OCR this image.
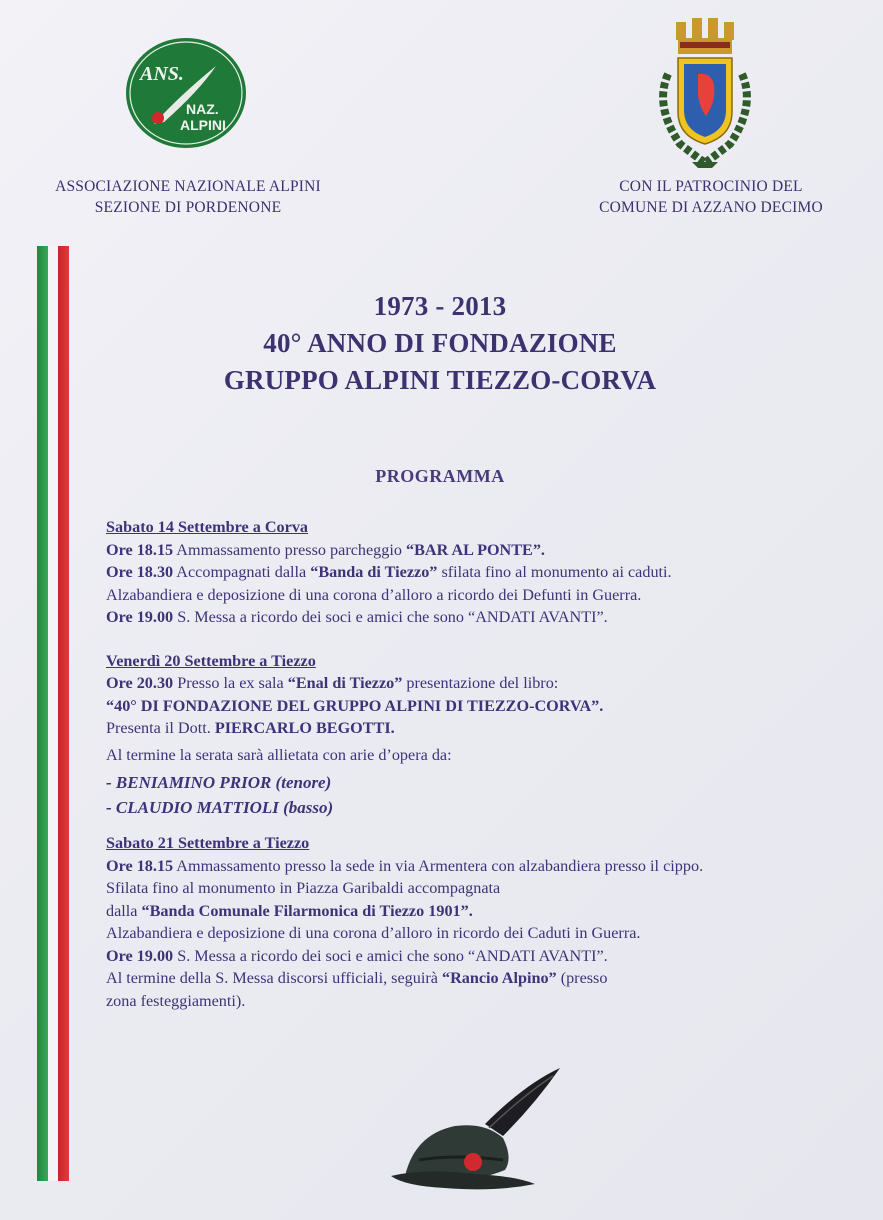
ANS.
NAZ.
ALPINI
ASSOCIAZIONE NAZIONALE ALPINI
SEZIONE DI PORDENONE
CON IL PATROCINIO DEL
COMUNE DI AZZANO DECIMO
1973 - 2013
40° ANNO DI FONDAZIONE
GRUPPO ALPINI TIEZZO-CORVA
PROGRAMMA

Sabato 14 Settembre a Corva

Ore 18.15 Ammassamento presso parcheggio “BAR AL PONTE”.

Ore 18.30 Accompagnati dalla “Banda di Tiezzo” sfilata fino al monumento ai caduti.

Alzabandiera e deposizione di una corona d’alloro a ricordo dei Defunti in Guerra.

Ore 19.00 S. Messa a ricordo dei soci e amici che sono “ANDATI AVANTI”.

Venerdì 20 Settembre a Tiezzo

Ore 20.30 Presso la ex sala “Enal di Tiezzo” presentazione del libro:

“40° DI FONDAZIONE DEL GRUPPO ALPINI DI TIEZZO-CORVA”.

Presenta il Dott. PIERCARLO BEGOTTI.

Al termine la serata sarà allietata con arie d’opera da:

- BENIAMINO PRIOR (tenore)

- CLAUDIO MATTIOLI (basso)

Sabato 21 Settembre a Tiezzo

Ore 18.15 Ammassamento presso la sede in via Armentera con alzabandiera presso il cippo.

Sfilata fino al monumento in Piazza Garibaldi accompagnata

dalla “Banda Comunale Filarmonica di Tiezzo 1901”.

Alzabandiera e deposizione di una corona d’alloro in ricordo dei Caduti in Guerra.

Ore 19.00 S. Messa a ricordo dei soci e amici che sono “ANDATI AVANTI”.

Al termine della S. Messa discorsi ufficiali, seguirà “Rancio Alpino” (presso

zona festeggiamenti).
